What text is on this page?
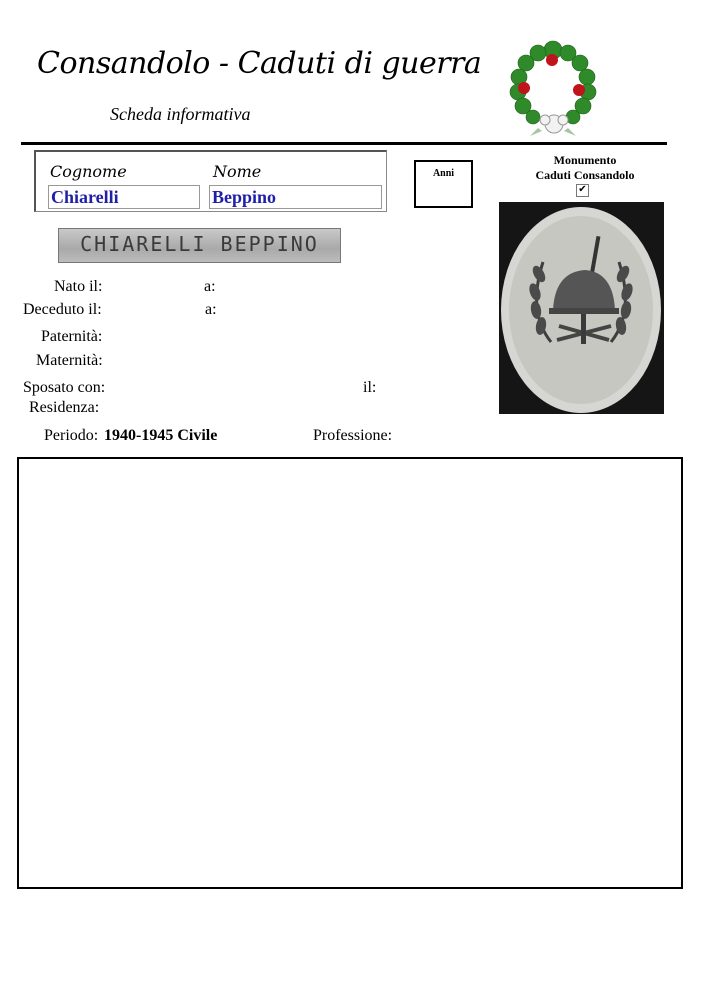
Consandolo - Caduti di guerra
Scheda informativa
Cognome	Nome
Chiarelli	Beppino
Anni
Monumento
Caduti Consandolo
✔
CHIARELLI BEPPINO
Nato il:	a:
Deceduto il:	a:
Paternità:
Maternità:
Sposato con:	il:
Residenza:
Periodo: 1940-1945 Civile	Professione:
